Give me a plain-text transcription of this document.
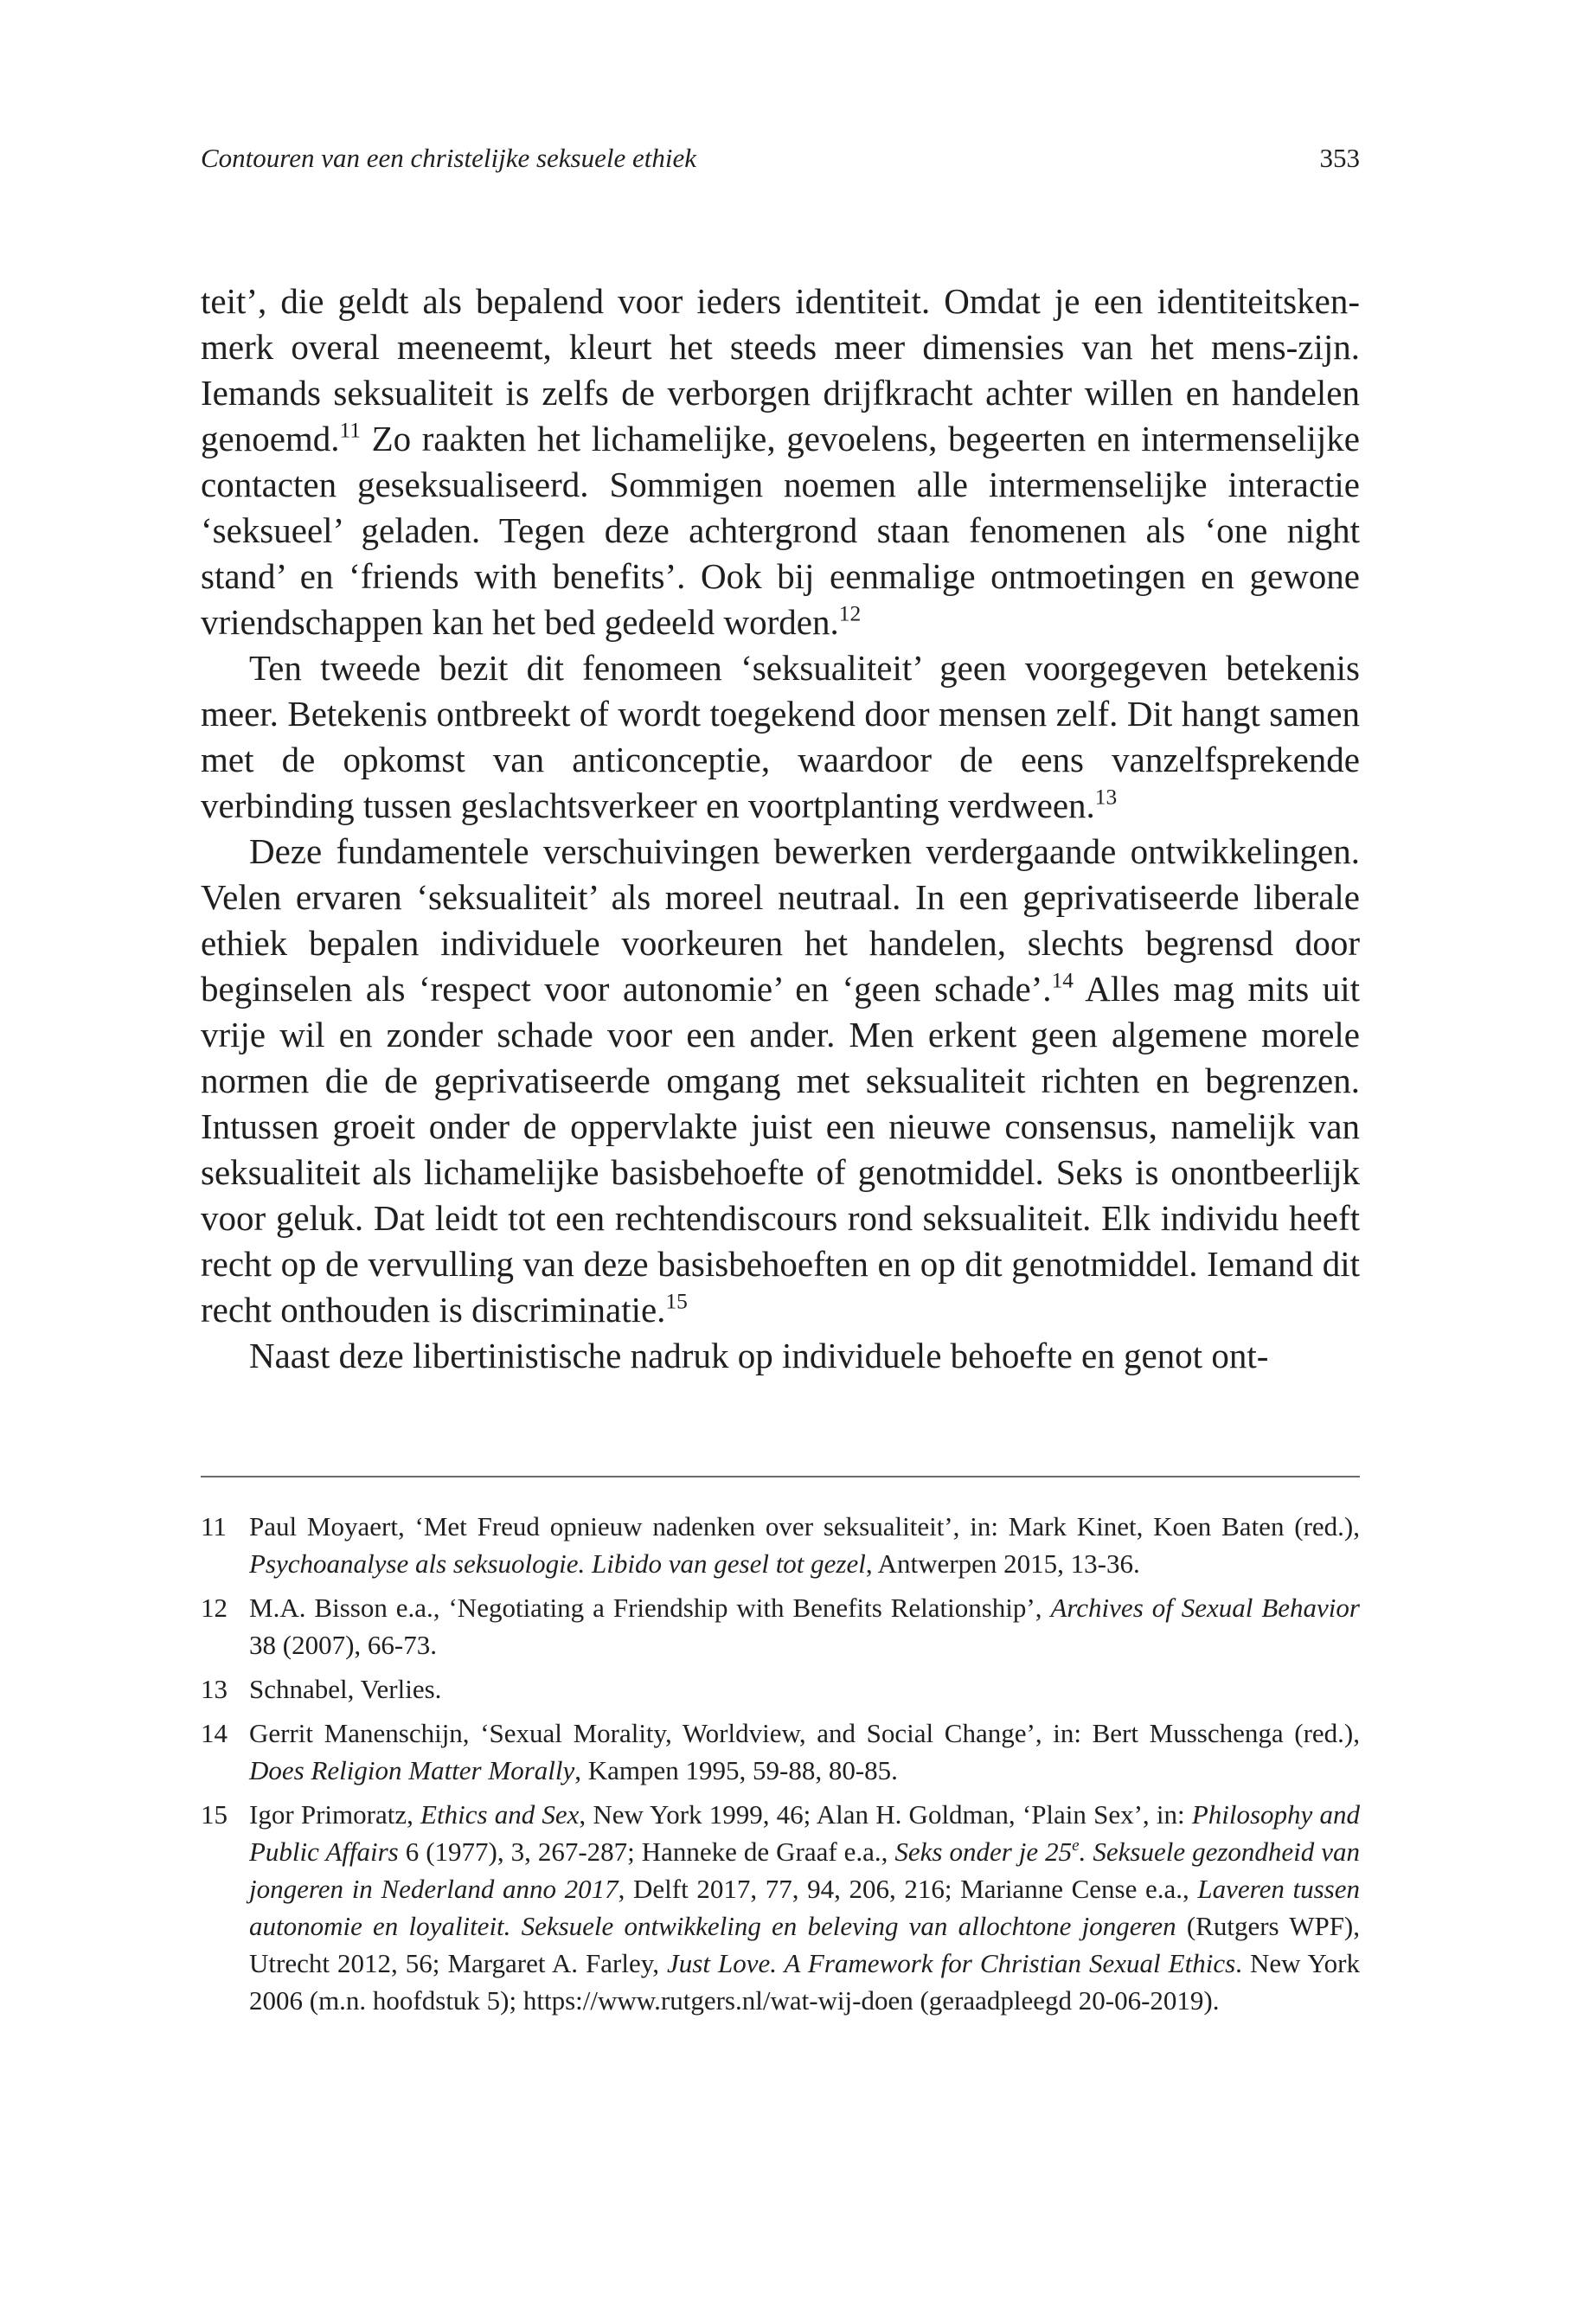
Contouren van een christelijke seksuele ethiek	353

teit’, die geldt als bepalend voor ieders identiteit. Omdat je een identiteitskenmerk overal meeneemt, kleurt het steeds meer dimensies van het mens-zijn. Iemands seksualiteit is zelfs de verborgen drijfkracht achter willen en handelen genoemd.$^{11}$ Zo raakten het lichamelijke, gevoelens, begeerten en intermenselijke contacten geseksualiseerd. Sommigen noemen alle intermenselijke interactie ‘seksueel’ geladen. Tegen deze achtergrond staan fenomenen als ‘one night stand’ en ‘friends with benefits’. Ook bij eenmalige ontmoetingen en gewone vriendschappen kan het bed gedeeld worden.$^{12}$

Ten tweede bezit dit fenomeen ‘seksualiteit’ geen voorgegeven betekenis meer. Betekenis ontbreekt of wordt toegekend door mensen zelf. Dit hangt samen met de opkomst van anticonceptie, waardoor de eens vanzelfsprekende verbinding tussen geslachtsverkeer en voortplanting verdween.$^{13}$

Deze fundamentele verschuivingen bewerken verdergaande ontwikkelingen. Velen ervaren ‘seksualiteit’ als moreel neutraal. In een geprivatiseerde liberale ethiek bepalen individuele voorkeuren het handelen, slechts begrensd door beginselen als ‘respect voor autonomie’ en ‘geen schade’.$^{14}$ Alles mag mits uit vrije wil en zonder schade voor een ander. Men erkent geen algemene morele normen die de geprivatiseerde omgang met seksualiteit richten en begrenzen. Intussen groeit onder de oppervlakte juist een nieuwe consensus, namelijk van seksualiteit als lichamelijke basisbehoefte of genotmiddel. Seks is onontbeerlijk voor geluk. Dat leidt tot een rechtendiscours rond seksualiteit. Elk individu heeft recht op de vervulling van deze basisbehoeften en op dit genotmiddel. Iemand dit recht onthouden is discriminatie.$^{15}$

Naast deze libertinistische nadruk op individuele behoefte en genot ont-

11 Paul Moyaert, ‘Met Freud opnieuw nadenken over seksualiteit’, in: Mark Kinet, Koen Baten (red.), Psychoanalyse als seksuologie. Libido van gesel tot gezel, Antwerpen 2015, 13-36.
12 M.A. Bisson e.a., ‘Negotiating a Friendship with Benefits Relationship’, Archives of Sexual Behavior 38 (2007), 66-73.
13 Schnabel, Verlies.
14 Gerrit Manenschijn, ‘Sexual Morality, Worldview, and Social Change’, in: Bert Musschenga (red.), Does Religion Matter Morally, Kampen 1995, 59-88, 80-85.
15 Igor Primoratz, Ethics and Sex, New York 1999, 46; Alan H. Goldman, ‘Plain Sex’, in: Philosophy and Public Affairs 6 (1977), 3, 267-287; Hanneke de Graaf e.a., Seks onder je 25e. Seksuele gezondheid van jongeren in Nederland anno 2017, Delft 2017, 77, 94, 206, 216; Marianne Cense e.a., Laveren tussen autonomie en loyaliteit. Seksuele ontwikkeling en beleving van allochtone jongeren (Rutgers WPF), Utrecht 2012, 56; Margaret A. Farley, Just Love. A Framework for Christian Sexual Ethics. New York 2006 (m.n. hoofdstuk 5); https://www.rutgers.nl/wat-wij-doen (geraadpleegd 20-06-2019).
